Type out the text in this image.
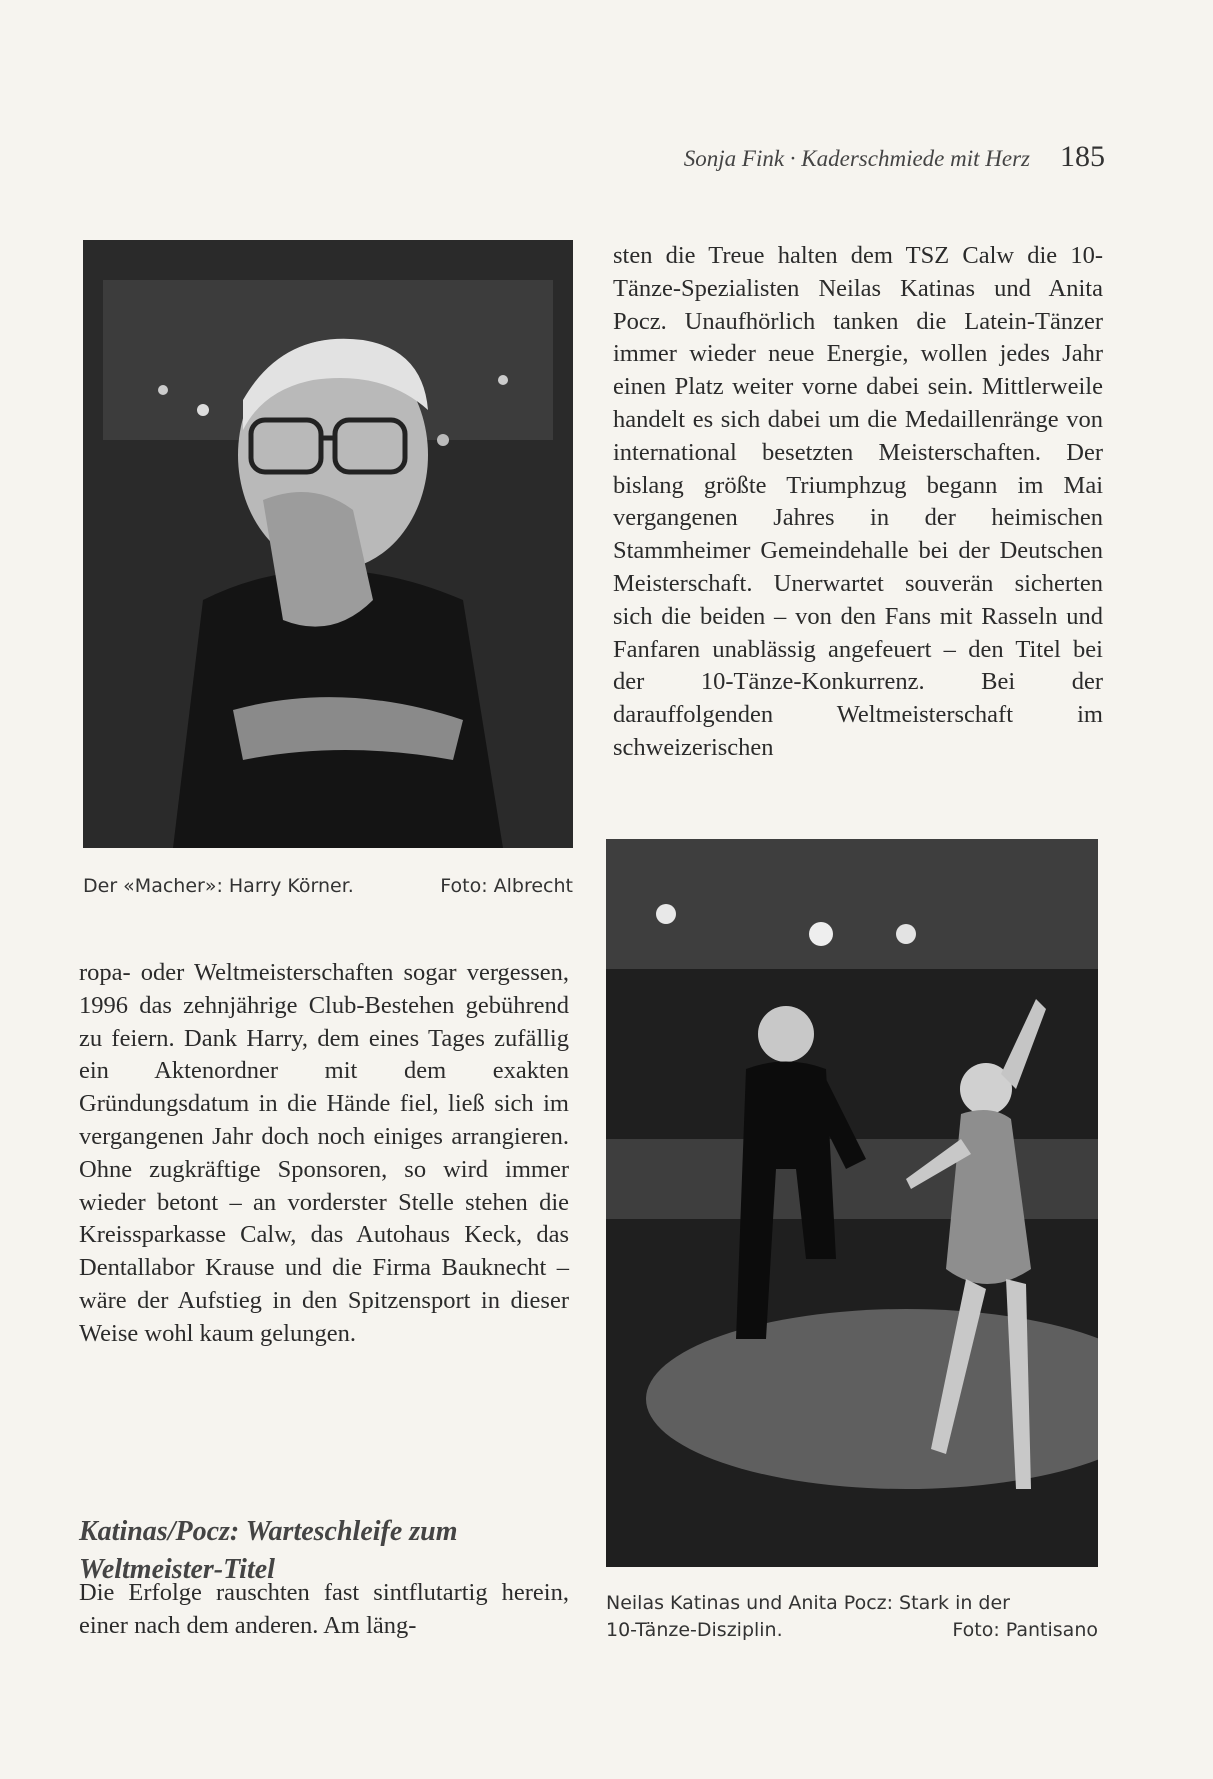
Sonja Fink · Kaderschmiede mit Herz 185
Der «Macher»: Harry Körner.	Foto: Albrecht

sten die Treue halten dem TSZ Calw die 10-Tänze-Spezialisten Neilas Katinas und Anita Pocz. Unaufhörlich tanken die Latein-Tänzer immer wieder neue Energie, wollen jedes Jahr einen Platz weiter vorne dabei sein. Mittlerweile handelt es sich dabei um die Medaillenränge von international besetzten Meisterschaften. Der bislang größte Triumphzug begann im Mai vergangenen Jahres in der heimischen Stammheimer Gemeindehalle bei der Deutschen Meisterschaft. Unerwartet souverän sicherten sich die beiden – von den Fans mit Rasseln und Fanfaren unablässig angefeuert – den Titel bei der 10-Tänze-Konkurrenz. Bei der darauffolgenden Weltmeisterschaft im schweizerischen

Neilas Katinas und Anita Pocz: Stark in der
10-Tänze-Disziplin.	Foto: Pantisano

ropa- oder Weltmeisterschaften sogar vergessen, 1996 das zehnjährige Club-Bestehen gebührend zu feiern. Dank Harry, dem eines Tages zufällig ein Aktenordner mit dem exakten Gründungsdatum in die Hände fiel, ließ sich im vergangenen Jahr doch noch einiges arrangieren. Ohne zugkräftige Sponsoren, so wird immer wieder betont – an vorderster Stelle stehen die Kreissparkasse Calw, das Autohaus Keck, das Dentallabor Krause und die Firma Bauknecht – wäre der Aufstieg in den Spitzensport in dieser Weise wohl kaum gelungen.

Katinas/Pocz: Warteschleife zum Weltmeister-Titel

Die Erfolge rauschten fast sintflutartig herein, einer nach dem anderen. Am läng-
